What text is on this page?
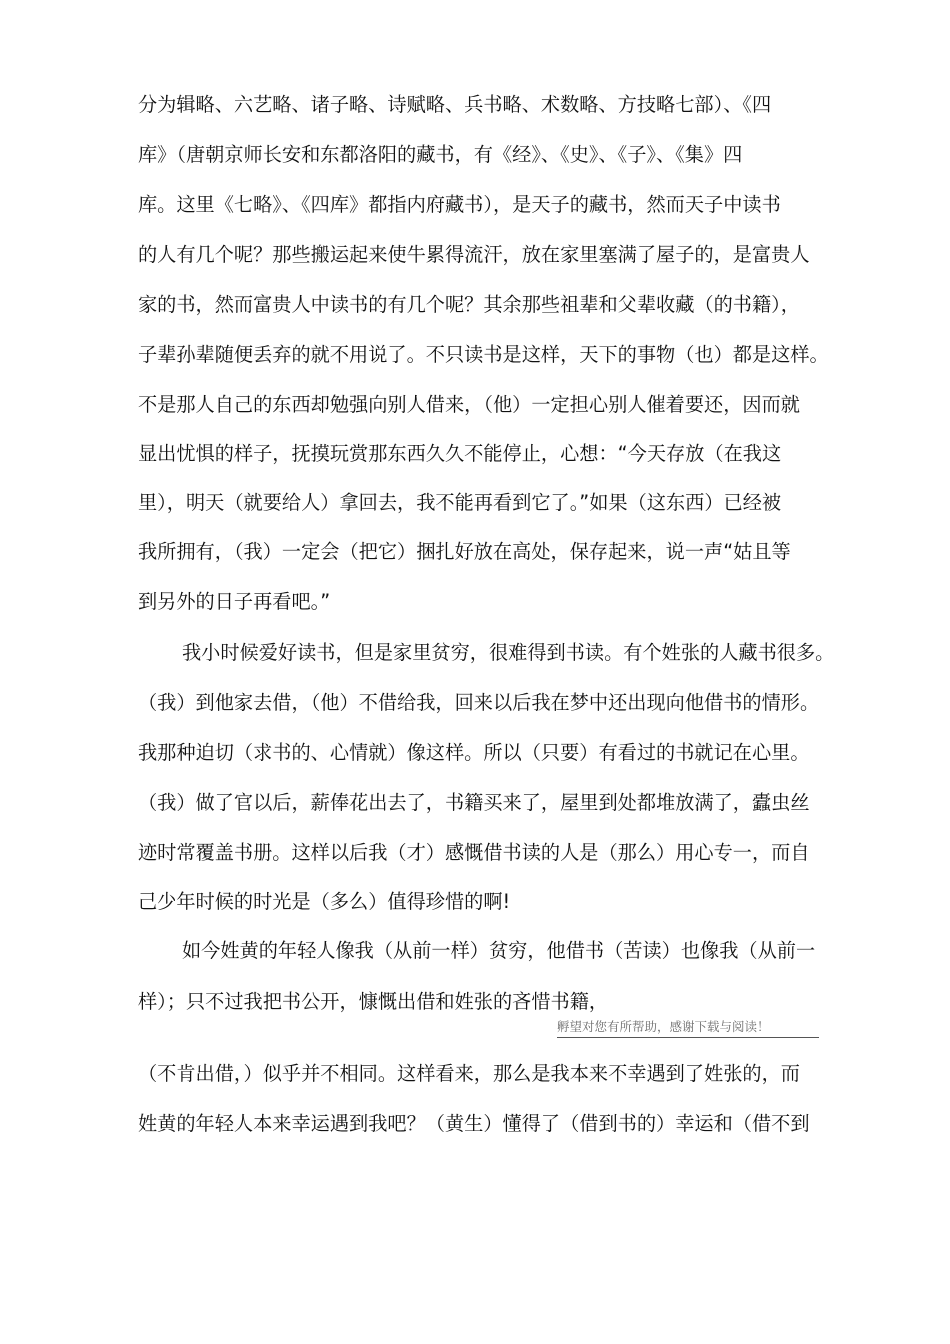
分为辑略、六艺略、诸子略、诗赋略、兵书略、术数略、方技略七部）、《四
库》（唐朝京师长安和东都洛阳的藏书，有《经》、《史》、《子》、《集》四
库。这里《七略》、《四库》都指内府藏书），是天子的藏书，然而天子中读书
的人有几个呢？那些搬运起来使牛累得流汗，放在家里塞满了屋子的，是富贵人
家的书，然而富贵人中读书的有几个呢？其余那些祖辈和父辈收藏（的书籍），
子辈孙辈随便丢弃的就不用说了。不只读书是这样，天下的事物（也）都是这样。
不是那人自己的东西却勉强向别人借来，（他）一定担心别人催着要还，因而就
显出忧惧的样子，抚摸玩赏那东西久久不能停止，心想：“今天存放（在我这
里），明天（就要给人）拿回去，我不能再看到它了。”如果（这东西）已经被
我所拥有，（我）一定会（把它）捆扎好放在高处，保存起来，说一声“姑且等
到另外的日子再看吧。”
我小时候爱好读书，但是家里贫穷，很难得到书读。有个姓张的人藏书很多。
（我）到他家去借，（他）不借给我，回来以后我在梦中还出现向他借书的情形。
我那种迫切（求书的、心情就）像这样。所以（只要）有看过的书就记在心里。
（我）做了官以后，薪俸花出去了，书籍买来了，屋里到处都堆放满了，蠹虫丝
迹时常覆盖书册。这样以后我（才）感慨借书读的人是（那么）用心专一，而自
己少年时候的时光是（多么）值得珍惜的啊!
如今姓黄的年轻人像我（从前一样）贫穷，他借书（苦读）也像我（从前一
样）；只不过我把书公开，慷慨出借和姓张的吝惜书籍，
孵望对您有所帮助，感谢下载与阅读！
（不肯出借，）似乎并不相同。这样看来，那么是我本来不幸遇到了姓张的，而
姓黄的年轻人本来幸运遇到我吧？（黄生）懂得了（借到书的）幸运和（借不到
